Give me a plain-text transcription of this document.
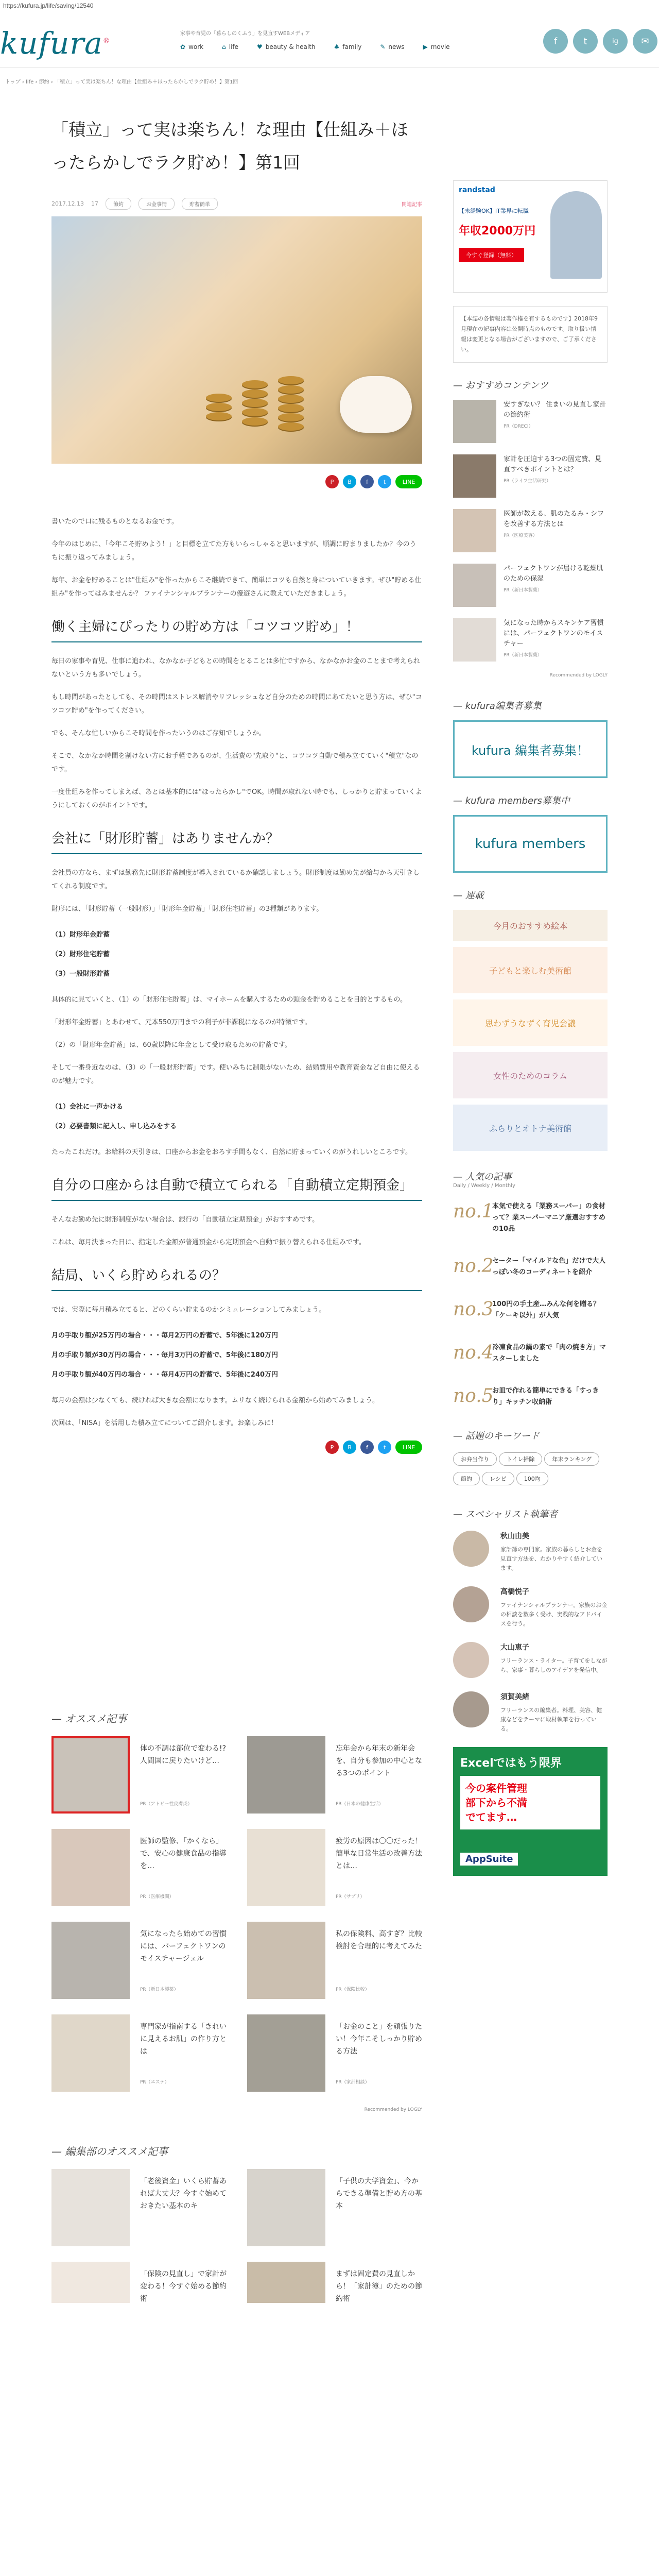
https://kufura.jp/life/saving/12540
kufura®
家事や育児の「暮らしのくふう」を見直すWEBメディア
✿ work	⌂ life	♥ beauty & health	♣ family	✎ news	▶ movie
f	t	ig	✉
トップ › life › 節約 › 「積立」って実は楽ちん！な理由【仕組み＋ほったらかしでラク貯め！】第1回
「積立」って実は楽ちん！な理由【仕組み＋ほったらかしでラク貯め！】第1回
2017.12.13 17	節約	お金事情	貯蓄簡単	関連記事
P	B	f	t	LINE

書いたので口に残るものとなるお金です。

今年のはじめに、「今年こそ貯めよう！」と目標を立てた方もいらっしゃると思いますが、順調に貯まりましたか？今のうちに振り返ってみましょう。

毎年、お金を貯めることは"仕組み"を作ったからこそ継続できて、簡単にコツも自然と身についていきます。ぜひ"貯める仕組み"を作ってはみませんか？ ファイナンシャルプランナーの優遊さんに教えていただきましょう。

働く主婦にぴったりの貯め方は「コツコツ貯め」！

毎日の家事や育児、仕事に追われ、なかなか子どもとの時間をとることは多忙ですから、なかなかお金のことまで考えられないという方も多いでしょう。

もし時間があったとしても、その時間はストレス解消やリフレッシュなど自分のための時間にあてたいと思う方は、ぜひ"コツコツ貯め"を作ってください。

でも、そんな忙しいからこそ時間を作ったいうのはご存知でしょうか。

そこで、なかなか時間を割けない方にお手軽であるのが、生活費の"先取り"と、コツコツ自動で積み立てていく"積立"なのです。

一度仕組みを作ってしまえば、あとは基本的には"ほったらかし"でOK。時間が取れない時でも、しっかりと貯まっていくようにしておくのがポイントです。

会社に「財形貯蓄」はありませんか？

会社員の方なら、まずは勤務先に財形貯蓄制度が導入されているか確認しましょう。財形制度は勤め先が給与から天引きしてくれる制度です。

財形には、「財形貯蓄（一般財形）」「財形年金貯蓄」「財形住宅貯蓄」の3種類があります。

（1）財形年金貯蓄
（2）財形住宅貯蓄
（3）一般財形貯蓄

具体的に見ていくと、（1）の「財形住宅貯蓄」は、マイホームを購入するための頭金を貯めることを目的とするもの。

「財形年金貯蓄」とあわせて、元本550万円までの利子が非課税になるのが特徴です。

（2）の「財形年金貯蓄」は、60歳以降に年金として受け取るための貯蓄です。

そして一番身近なのは、（3）の「一般財形貯蓄」です。使いみちに制限がないため、結婚費用や教育資金など自由に使えるのが魅力です。

（1）会社に一声かける
（2）必要書類に記入し、申し込みをする

たったこれだけ。お給料の天引きは、口座からお金をおろす手間もなく、自然に貯まっていくのがうれしいところです。

自分の口座からは自動で積立てられる「自動積立定期預金」

そんなお勤め先に財形制度がない場合は、銀行の「自動積立定期預金」がおすすめです。

これは、毎月決まった日に、指定した金額が普通預金から定期預金へ自動で振り替えられる仕組みです。

結局、いくら貯められるの？

では、実際に毎月積み立てると、どのくらい貯まるのかシミュレーションしてみましょう。

月の手取り額が25万円の場合・・・毎月2万円の貯蓄で、5年後に120万円
月の手取り額が30万円の場合・・・毎月3万円の貯蓄で、5年後に180万円
月の手取り額が40万円の場合・・・毎月4万円の貯蓄で、5年後に240万円

毎月の金額は少なくても、続ければ大きな金額になります。ムリなく続けられる金額から始めてみましょう。

次回は、「NISA」を活用した積み立てについてご紹介します。お楽しみに！

P	B	f	t	LINE
— オススメ記事
体の不調は部位で変わる!? 人間国に戻りたいけど…
PR（アトピー性皮膚炎）
忘年会から年末の新年会を、自分も参加の中心となる3つのポイント
PR（日本の健康生活）
医師の監修、「かくなら」で、安心の健康食品の指導を…
PR（医療機関）
疲労の原因は〇〇だった！簡単な日常生活の改善方法とは…
PR（サプリ）
気になったら始めての習慣には、パーフェクトワンのモイスチャージェル
PR（新日本製薬）
私の保険料、高すぎ？比較検討を合理的に考えてみた
PR（保険比較）
専門家が指南する「きれいに見えるお肌」の作り方とは
PR（エステ）
「お金のこと」を頑張りたい！今年こそしっかり貯める方法
PR（家計相談）
Recommended by LOGLY
— 編集部のオススメ記事
「老後資金」いくら貯蓄あれば大丈夫？今すぐ始めておきたい基本のキ
「子供の大学資金」、今からできる準備と貯め方の基本
「保険の見直し」で家計が変わる！今すぐ始める節約術
まずは固定費の見直しから！「家計簿」のための節約術
randstad
【未経験OK】IT業界に転職
年収2000万円
今すぐ登録（無料）
【本誌の各情報は著作権を有するものです】2018年9月現在の記事内容は公開時点のものです。取り扱い情報は変更となる場合がございますので、ご了承ください。
— おすすめコンテンツ
安すぎない？ 住まいの見直し家計の節約術
PR（DRECI）
家計を圧迫する3つの固定費、見直すべきポイントとは？
PR（ライフ生活研究）
医師が教える、肌のたるみ・シワを改善する方法とは
PR（医療美容）
パーフェクトワンが届ける乾燥肌のための保湿
PR（新日本製薬）
気になった時からスキンケア習慣には、パーフェクトワンのモイスチャー
PR（新日本製薬）
Recommended by LOGLY
— kufura編集者募集
kufura 編集者募集！
— kufura members募集中
kufura members
— 連載
今月のおすすめ絵本
子どもと楽しむ美術館
思わずうなずく育児会議
女性のためのコラム
ふらりとオトナ美術館
— 人気の記事
Daily / Weekly / Monthly
no.1
本気で使える「業務スーパー」の食材って？業スーパーマニア厳選おすすめの10品
no.2
セーター「マイルドな色」だけで大人っぽい冬のコーディネートを紹介
no.3
100円の手土産…みんな何を贈る？「ケーキ以外」が人気
no.4
冷凍食品の鍋の素で「肉の焼き方」マスターしました
no.5
お皿で作れる簡単にできる「すっきり」キッチン収納術
— 話題のキーワード
お弁当作り	トイレ掃除	年末ランキング節約	レシピ	100均
— スペシャリスト執筆者
秋山由美
家計簿の専門家。家族の暮らしとお金を見直す方法を、わかりやすく紹介しています。
高橋悦子
ファイナンシャルプランナー。家族のお金の相談を数多く受け、実践的なアドバイスを行う。
大山恵子
フリーランス・ライター。子育てをしながら、家事・暮らしのアイデアを発信中。
須賀美緒
フリーランスの編集者。料理、美容、健康などをテーマに取材執筆を行っている。
Excelではもう限界
今の案件管理
部下から不満
でてます…
AppSuite
